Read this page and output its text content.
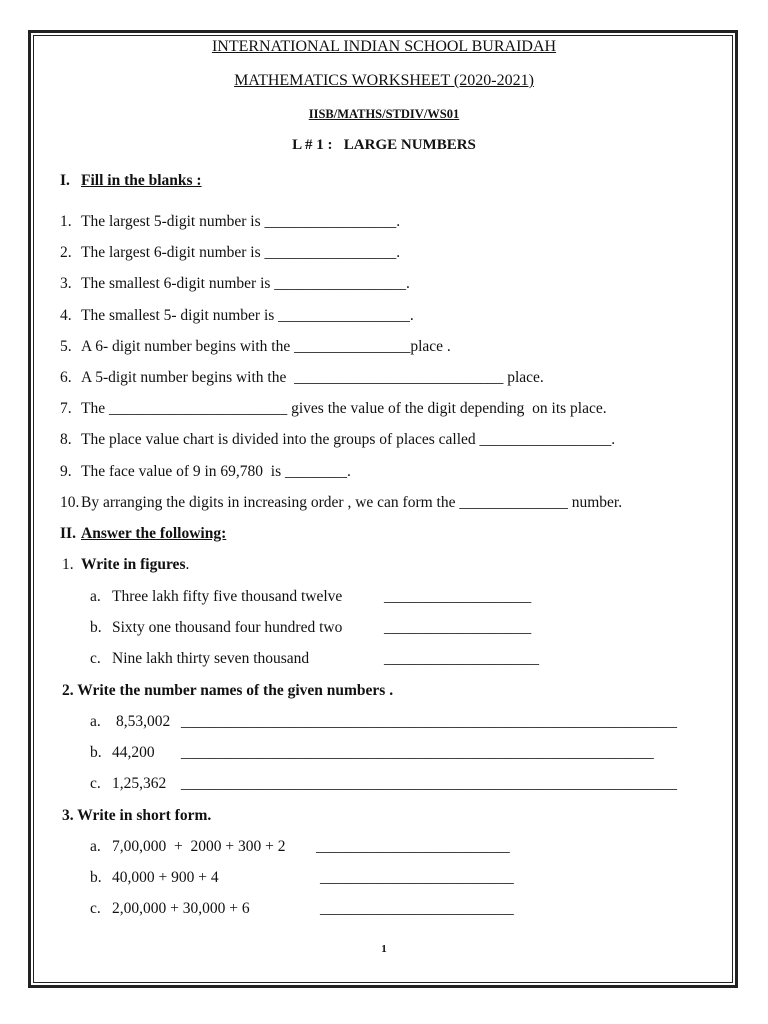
INTERNATIONAL INDIAN SCHOOL BURAIDAH
MATHEMATICS WORKSHEET (2020-2021)
IISB/MATHS/STDIV/WS01
L # 1 :   LARGE NUMBERS
I. Fill in the blanks :
1. The largest 5-digit number is _________________.
2. The largest 6-digit number is _________________.
3. The smallest 6-digit number is _________________.
4. The smallest 5- digit number is _________________.
5. A 6- digit number begins with the _______________place .
6. A 5-digit number begins with the  ___________________________ place.
7. The _______________________ gives the value of the digit depending  on its place.
8. The place value chart is divided into the groups of places called _________________.
9. The face value of 9 in 69,780  is ________.
10. By arranging the digits in increasing order , we can form the ______________ number.
II. Answer the following:
1. Write in figures.
a. Three lakh fifty five thousand twelve	___________________
b. Sixty one thousand four hundred two	___________________
c. Nine lakh thirty seven thousand	____________________
2. Write the number names of the given numbers .
a. 8,53,002 ________________________________________________________________
b. 44,200 _____________________________________________________________
c. 1,25,362 ________________________________________________________________
3. Write in short form.
a. 7,00,000  +  2000 + 300 + 2 _________________________
b. 40,000 + 900 + 4	_________________________
c. 2,00,000 + 30,000 + 6	_________________________
1
